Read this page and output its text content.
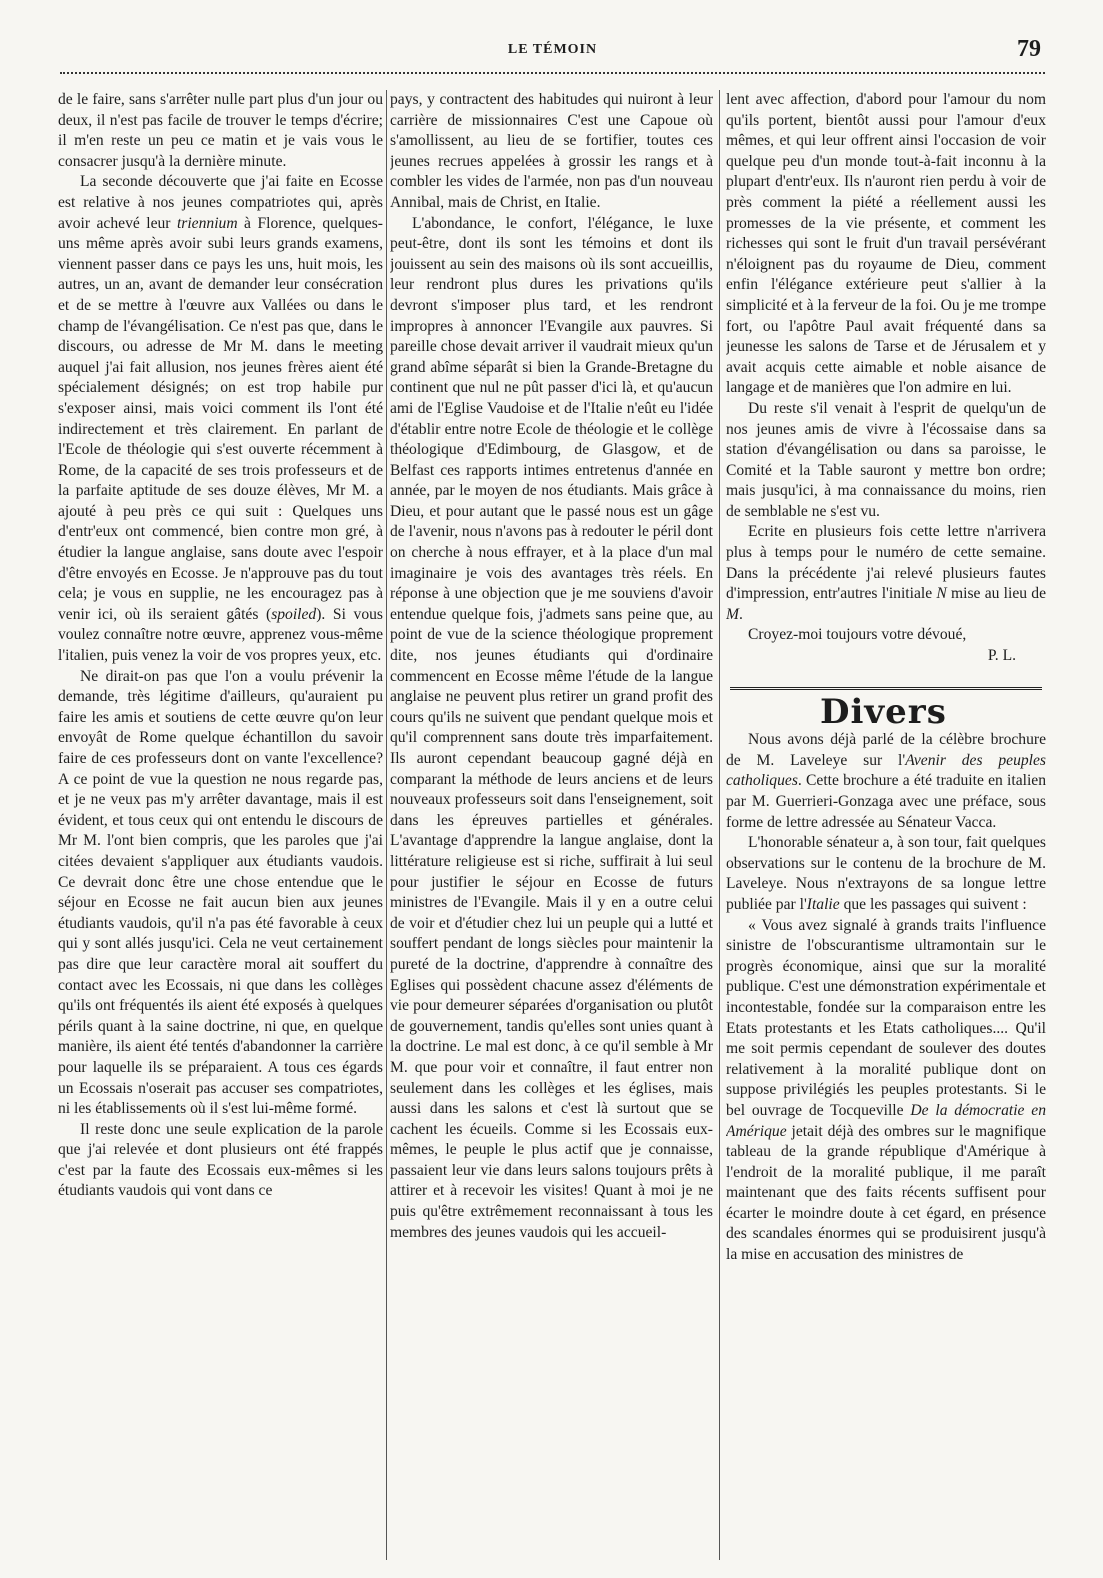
LE TÉMOIN	79

de le faire, sans s'arrêter nulle part plus d'un jour ou deux, il n'est pas facile de trouver le temps d'écrire; il m'en reste un peu ce matin et je vais vous le consacrer jusqu'à la dernière minute.

La seconde découverte que j'ai faite en Ecosse est relative à nos jeunes compatriotes qui, après avoir achevé leur triennium à Florence, quelques-uns même après avoir subi leurs grands examens, viennent passer dans ce pays les uns, huit mois, les autres, un an, avant de demander leur consécration et de se mettre à l'œuvre aux Vallées ou dans le champ de l'évangélisation. Ce n'est pas que, dans le discours, ou adresse de Mr M. dans le meeting auquel j'ai fait allusion, nos jeunes frères aient été spécialement désignés; on est trop habile pur s'exposer ainsi, mais voici comment ils l'ont été indirectement et très clairement. En parlant de l'Ecole de théologie qui s'est ouverte récemment à Rome, de la capacité de ses trois professeurs et de la parfaite aptitude de ses douze élèves, Mr M. a ajouté à peu près ce qui suit : Quelques uns d'entr'eux ont commencé, bien contre mon gré, à étudier la langue anglaise, sans doute avec l'espoir d'être envoyés en Ecosse. Je n'approuve pas du tout cela; je vous en supplie, ne les encouragez pas à venir ici, où ils seraient gâtés (spoiled). Si vous voulez connaître notre œuvre, apprenez vous-même l'italien, puis venez la voir de vos propres yeux, etc.

Ne dirait-on pas que l'on a voulu prévenir la demande, très légitime d'ailleurs, qu'auraient pu faire les amis et soutiens de cette œuvre qu'on leur envoyât de Rome quelque échantillon du savoir faire de ces professeurs dont on vante l'excellence? A ce point de vue la question ne nous regarde pas, et je ne veux pas m'y arrêter davantage, mais il est évident, et tous ceux qui ont entendu le discours de Mr M. l'ont bien compris, que les paroles que j'ai citées devaient s'appliquer aux étudiants vaudois. Ce devrait donc être une chose entendue que le séjour en Ecosse ne fait aucun bien aux jeunes étudiants vaudois, qu'il n'a pas été favorable à ceux qui y sont allés jusqu'ici. Cela ne veut certainement pas dire que leur caractère moral ait souffert du contact avec les Ecossais, ni que dans les collèges qu'ils ont fréquentés ils aient été exposés à quelques périls quant à la saine doctrine, ni que, en quelque manière, ils aient été tentés d'abandonner la carrière pour laquelle ils se préparaient. A tous ces égards un Ecossais n'oserait pas accuser ses compatriotes, ni les établissements où il s'est lui-même formé.

Il reste donc une seule explication de la parole que j'ai relevée et dont plusieurs ont été frappés c'est par la faute des Ecossais eux-mêmes si les étudiants vaudois qui vont dans ce

pays, y contractent des habitudes qui nuiront à leur carrière de missionnaires C'est une Capoue où s'amollissent, au lieu de se fortifier, toutes ces jeunes recrues appelées à grossir les rangs et à combler les vides de l'armée, non pas d'un nouveau Annibal, mais de Christ, en Italie.

L'abondance, le confort, l'élégance, le luxe peut-être, dont ils sont les témoins et dont ils jouissent au sein des maisons où ils sont accueillis, leur rendront plus dures les privations qu'ils devront s'imposer plus tard, et les rendront impropres à annoncer l'Evangile aux pauvres. Si pareille chose devait arriver il vaudrait mieux qu'un grand abîme séparât si bien la Grande-Bretagne du continent que nul ne pût passer d'ici là, et qu'aucun ami de l'Eglise Vaudoise et de l'Italie n'eût eu l'idée d'établir entre notre Ecole de théologie et le collège théologique d'Edimbourg, de Glasgow, et de Belfast ces rapports intimes entretenus d'année en année, par le moyen de nos étudiants. Mais grâce à Dieu, et pour autant que le passé nous est un gâge de l'avenir, nous n'avons pas à redouter le péril dont on cherche à nous effrayer, et à la place d'un mal imaginaire je vois des avantages très réels. En réponse à une objection que je me souviens d'avoir entendue quelque fois, j'admets sans peine que, au point de vue de la science théologique proprement dite, nos jeunes étudiants qui d'ordinaire commencent en Ecosse même l'étude de la langue anglaise ne peuvent plus retirer un grand profit des cours qu'ils ne suivent que pendant quelque mois et qu'il comprennent sans doute très imparfaitement. Ils auront cependant beaucoup gagné déjà en comparant la méthode de leurs anciens et de leurs nouveaux professeurs soit dans l'enseignement, soit dans les épreuves partielles et générales. L'avantage d'apprendre la langue anglaise, dont la littérature religieuse est si riche, suffirait à lui seul pour justifier le séjour en Ecosse de futurs ministres de l'Evangile. Mais il y en a outre celui de voir et d'étudier chez lui un peuple qui a lutté et souffert pendant de longs siècles pour maintenir la pureté de la doctrine, d'apprendre à connaître des Eglises qui possèdent chacune assez d'éléments de vie pour demeurer séparées d'organisation ou plutôt de gouvernement, tandis qu'elles sont unies quant à la doctrine. Le mal est donc, à ce qu'il semble à Mr M. que pour voir et connaître, il faut entrer non seulement dans les collèges et les églises, mais aussi dans les salons et c'est là surtout que se cachent les écueils. Comme si les Ecossais eux-mêmes, le peuple le plus actif que je connaisse, passaient leur vie dans leurs salons toujours prêts à attirer et à recevoir les visites! Quant à moi je ne puis qu'être extrêmement reconnaissant à tous les membres des jeunes vaudois qui les accueil-

lent avec affection, d'abord pour l'amour du nom qu'ils portent, bientôt aussi pour l'amour d'eux mêmes, et qui leur offrent ainsi l'occasion de voir quelque peu d'un monde tout-à-fait inconnu à la plupart d'entr'eux. Ils n'auront rien perdu à voir de près comment la piété a réellement aussi les promesses de la vie présente, et comment les richesses qui sont le fruit d'un travail persévérant n'éloignent pas du royaume de Dieu, comment enfin l'élégance extérieure peut s'allier à la simplicité et à la ferveur de la foi. Ou je me trompe fort, ou l'apôtre Paul avait fréquenté dans sa jeunesse les salons de Tarse et de Jérusalem et y avait acquis cette aimable et noble aisance de langage et de manières que l'on admire en lui.

Du reste s'il venait à l'esprit de quelqu'un de nos jeunes amis de vivre à l'écossaise dans sa station d'évangélisation ou dans sa paroisse, le Comité et la Table sauront y mettre bon ordre; mais jusqu'ici, à ma connaissance du moins, rien de semblable ne s'est vu.

Ecrite en plusieurs fois cette lettre n'arrivera plus à temps pour le numéro de cette semaine. Dans la précédente j'ai relevé plusieurs fautes d'impression, entr'autres l'initiale N mise au lieu de M.

Croyez-moi toujours votre dévoué,

P. L.
Divers

Nous avons déjà parlé de la célèbre brochure de M. Laveleye sur l'Avenir des peuples catholiques. Cette brochure a été traduite en italien par M. Guerrieri-Gonzaga avec une préface, sous forme de lettre adressée au Sénateur Vacca.

L'honorable sénateur a, à son tour, fait quelques observations sur le contenu de la brochure de M. Laveleye. Nous n'extrayons de sa longue lettre publiée par l'Italie que les passages qui suivent :

« Vous avez signalé à grands traits l'influence sinistre de l'obscurantisme ultramontain sur le progrès économique, ainsi que sur la moralité publique. C'est une démonstration expérimentale et incontestable, fondée sur la comparaison entre les Etats protestants et les Etats catholiques.... Qu'il me soit permis cependant de soulever des doutes relativement à la moralité publique dont on suppose privilégiés les peuples protestants. Si le bel ouvrage de Tocqueville De la démocratie en Amérique jetait déjà des ombres sur le magnifique tableau de la grande république d'Amérique à l'endroit de la moralité publique, il me paraît maintenant que des faits récents suffisent pour écarter le moindre doute à cet égard, en présence des scandales énormes qui se produisirent jusqu'à la mise en accusation des ministres de
